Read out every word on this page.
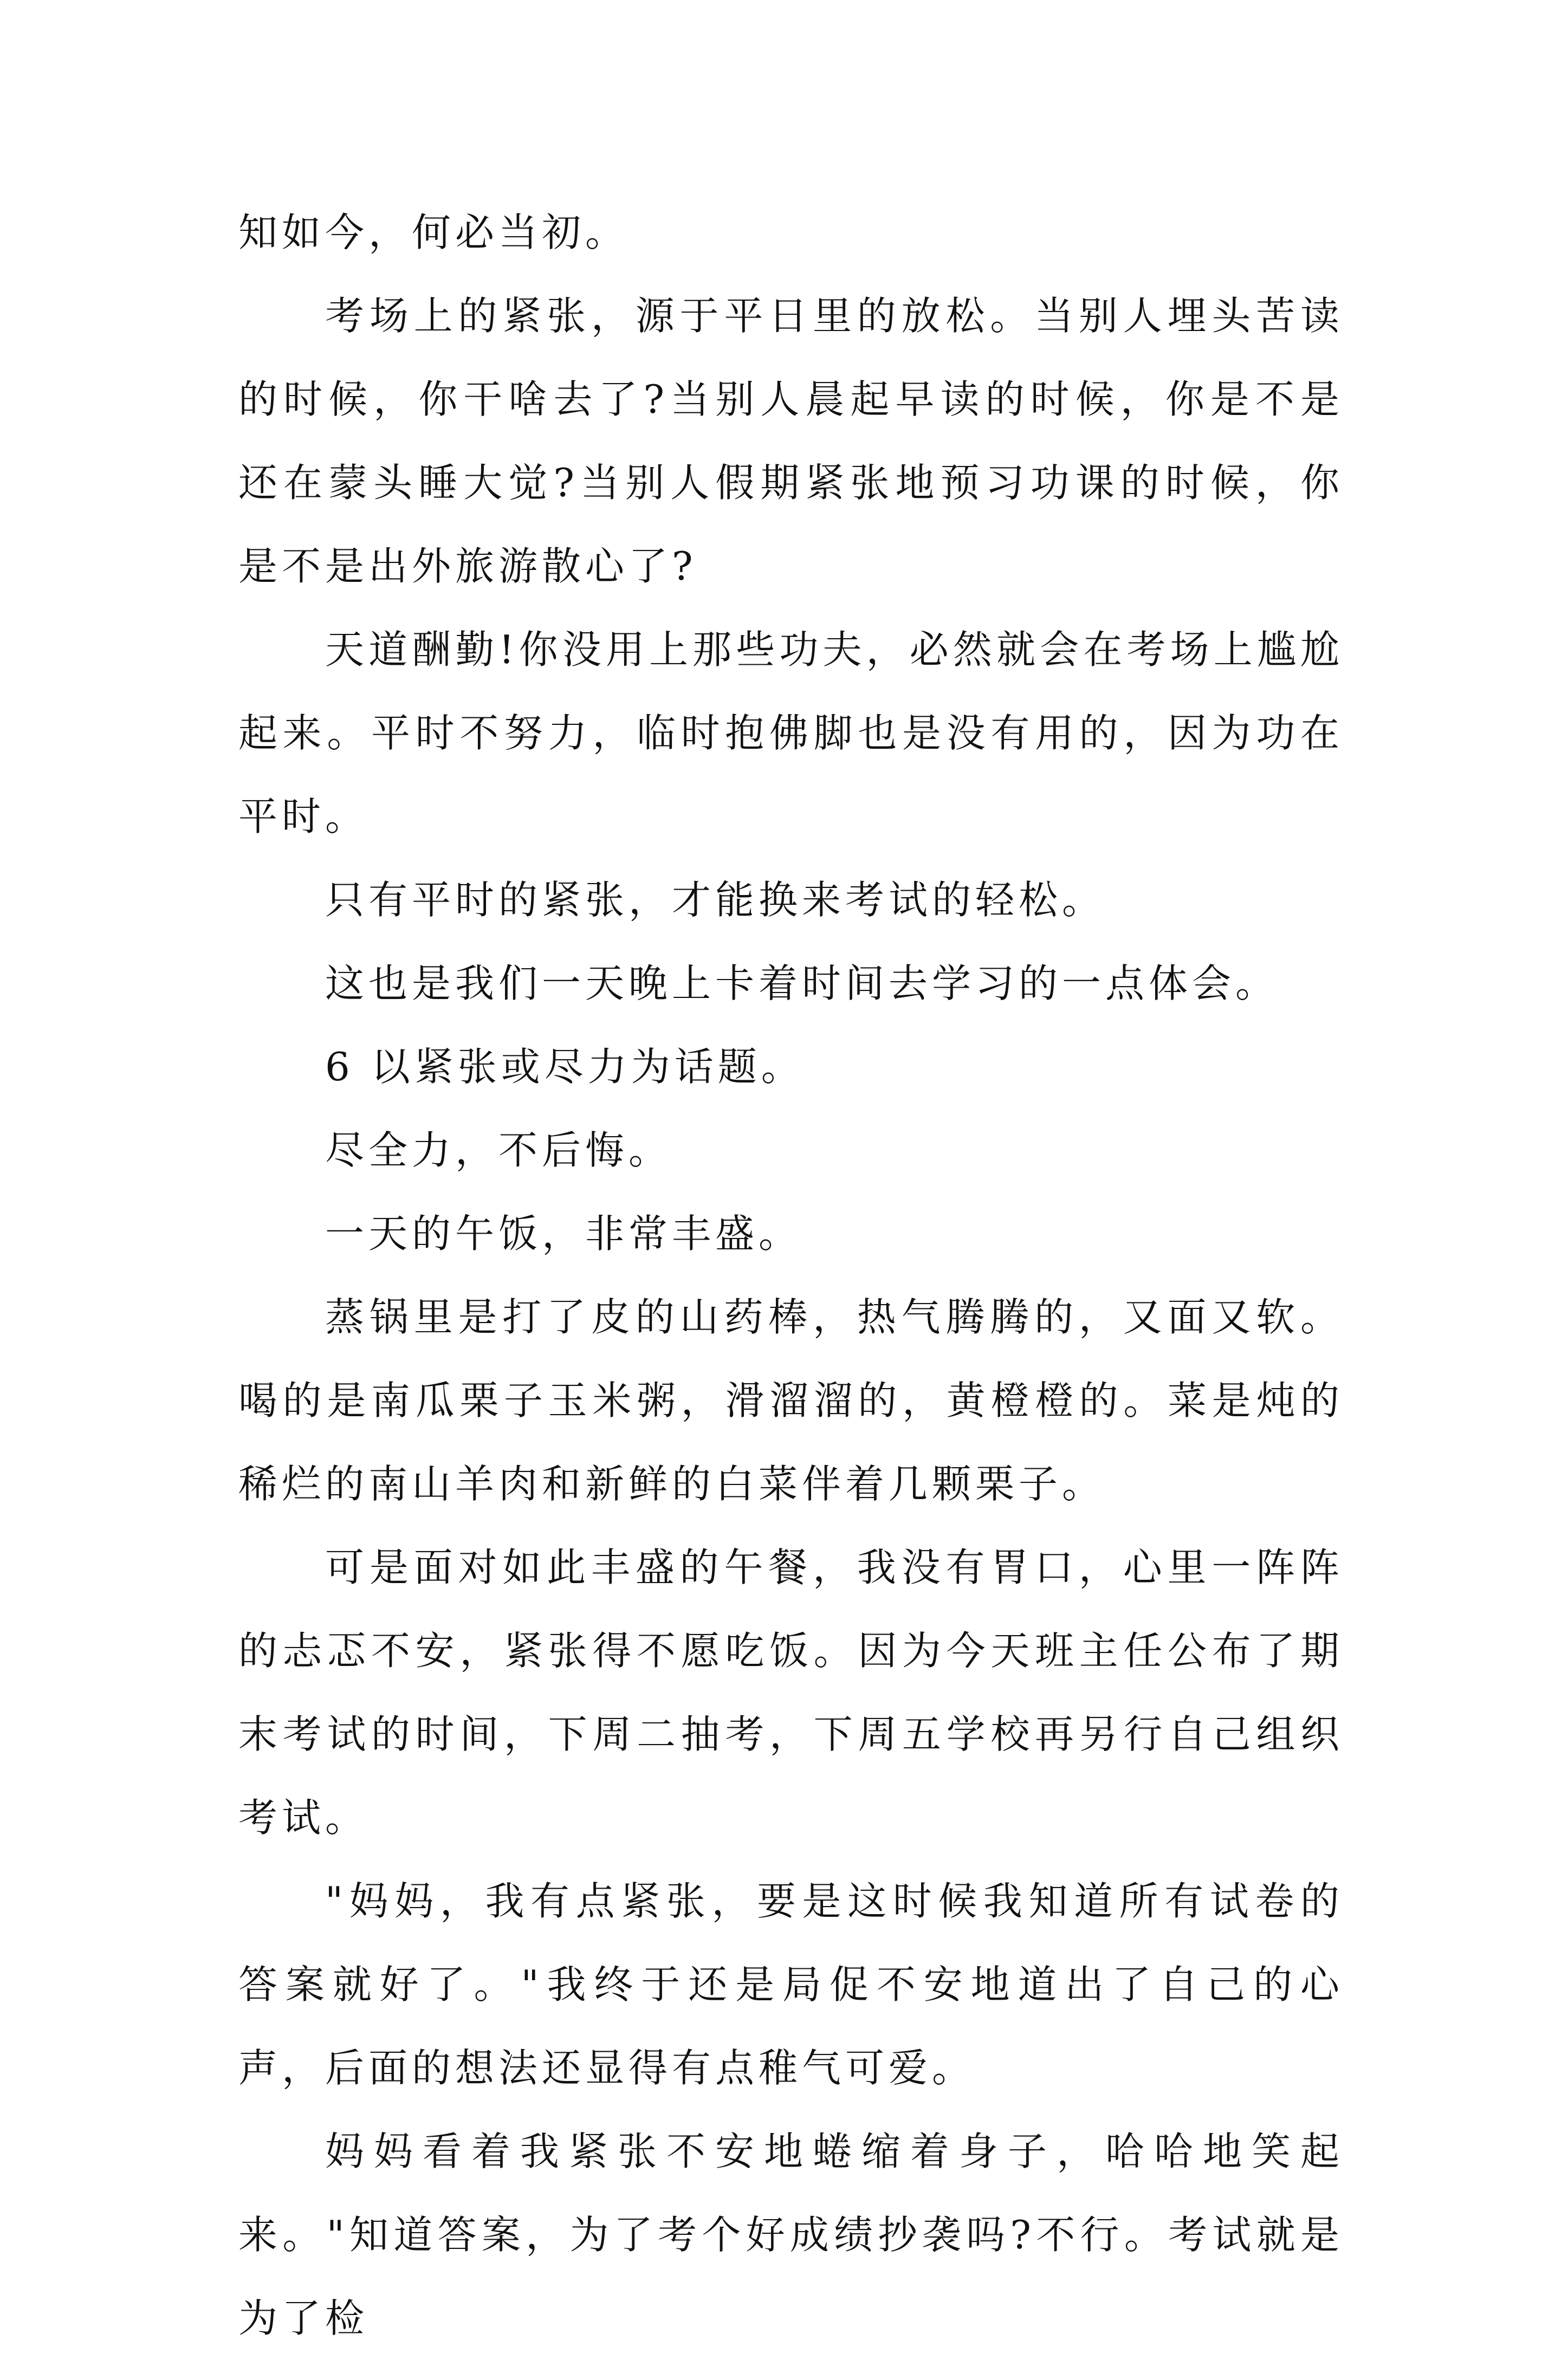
知如今，何必当初。

考场上的紧张，源于平日里的放松。当别人埋头苦读的时候，你干啥去了?当别人晨起早读的时候，你是不是还在蒙头睡大觉?当别人假期紧张地预习功课的时候，你是不是出外旅游散心了?

天道酬勤!你没用上那些功夫，必然就会在考场上尴尬起来。平时不努力，临时抱佛脚也是没有用的，因为功在平时。

只有平时的紧张，才能换来考试的轻松。

这也是我们一天晚上卡着时间去学习的一点体会。

6 以紧张或尽力为话题。

尽全力，不后悔。

一天的午饭，非常丰盛。

蒸锅里是打了皮的山药棒，热气腾腾的，又面又软。喝的是南瓜栗子玉米粥，滑溜溜的，黄橙橙的。菜是炖的稀烂的南山羊肉和新鲜的白菜伴着几颗栗子。

可是面对如此丰盛的午餐，我没有胃口，心里一阵阵的忐忑不安，紧张得不愿吃饭。因为今天班主任公布了期末考试的时间，下周二抽考，下周五学校再另行自己组织考试。

"妈妈，我有点紧张，要是这时候我知道所有试卷的答案就好了。"我终于还是局促不安地道出了自己的心声，后面的想法还显得有点稚气可爱。

妈妈看着我紧张不安地蜷缩着身子，哈哈地笑起来。"知道答案，为了考个好成绩抄袭吗?不行。考试就是为了检
